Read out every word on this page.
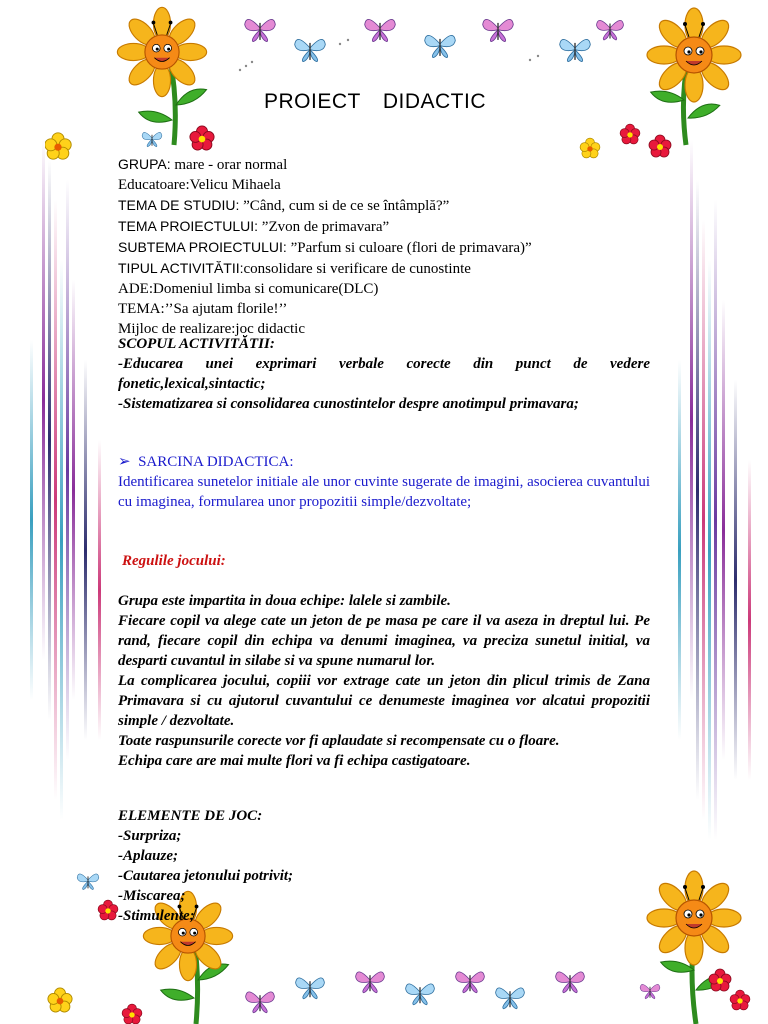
PROIECT DIDACTIC
GRUPA: mare - orar normal
Educatoare:Velicu Mihaela
TEMA DE STUDIU: ”Când, cum si de ce se întâmplă?”
TEMA PROIECTULUI: ”Zvon de primavara”
SUBTEMA PROIECTULUI: ”Parfum si culoare (flori de primavara)”
TIPUL ACTIVITĂTII:consolidare si verificare de cunostinte
ADE:Domeniul limba si comunicare(DLC)
TEMA:’’Sa ajutam florile!’’
Mijloc de realizare:joc didactic
SCOPUL ACTIVITĂTII:
-Educarea unei exprimari verbale corecte din punct de vedere fonetic,lexical,sintactic;
-Sistematizarea si consolidarea cunostintelor despre anotimpul primavara;
➢ SARCINA DIDACTICA:
Identificarea sunetelor initiale ale unor cuvinte sugerate de imagini, asocierea cuvantului cu imaginea, formularea unor propozitii simple/dezvoltate;
Regulile jocului:
Grupa este impartita in doua echipe: lalele si zambile.
Fiecare copil va alege cate un jeton de pe masa pe care il va aseza in dreptul lui. Pe rand, fiecare copil din echipa va denumi imaginea, va preciza sunetul initial, va desparti cuvantul in silabe si va spune numarul lor.
La complicarea jocului, copiii vor extrage cate un jeton din plicul trimis de Zana Primavara si cu ajutorul cuvantului ce denumeste imaginea vor alcatui propozitii simple / dezvoltate.
Toate raspunsurile corecte vor fi aplaudate si recompensate cu o floare.
Echipa care are mai multe flori va fi echipa castigatoare.
ELEMENTE DE JOC:
-Surpriza;
-Aplauze;
-Cautarea jetonului potrivit;
-Miscarea;
-Stimulente;
